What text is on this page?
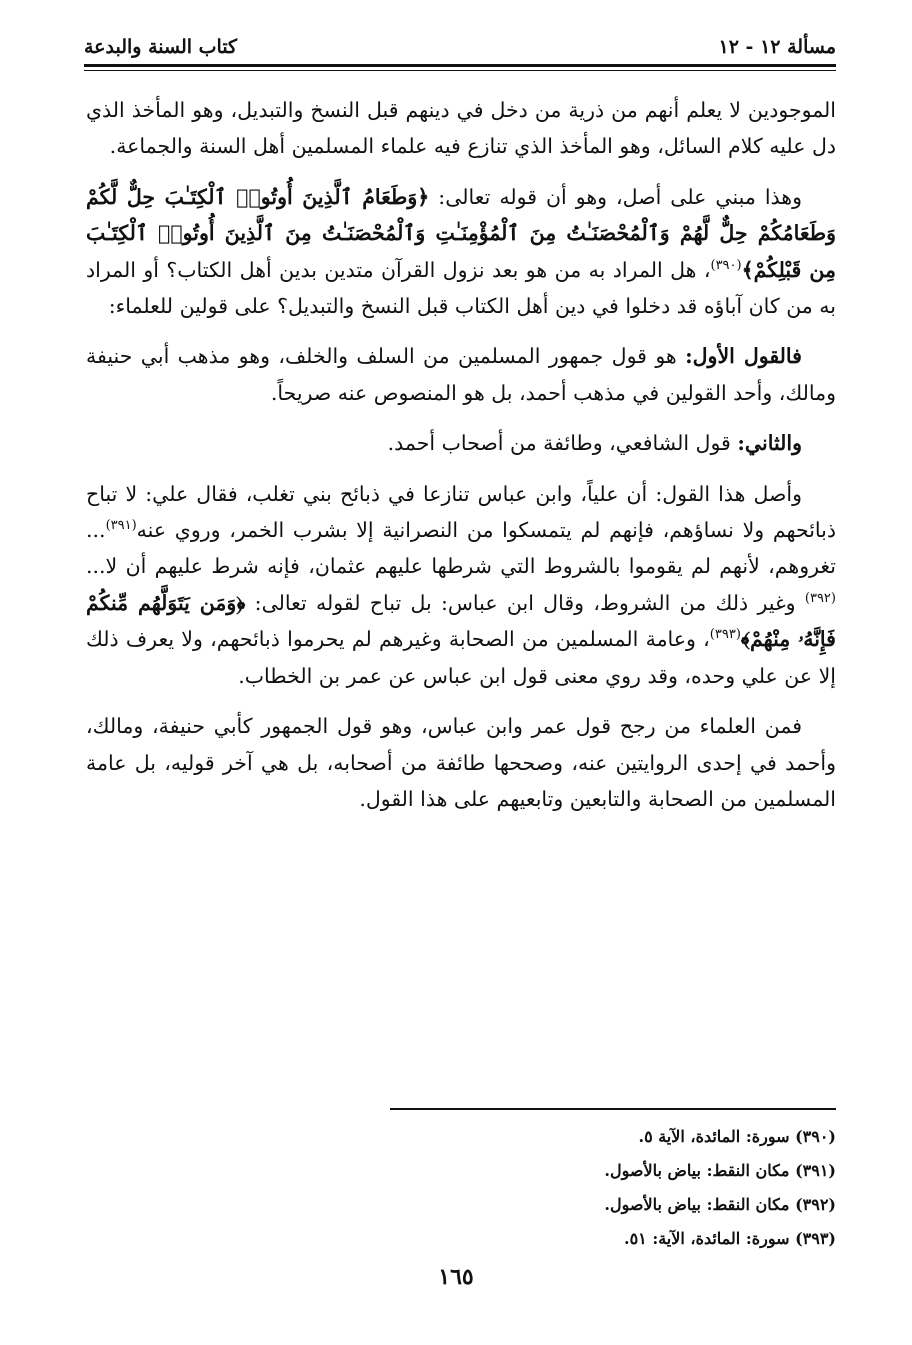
مسألة ١٢ - ١٢
كتاب السنة والبدعة

الموجودين لا يعلم أنهم من ذرية من دخل في دينهم قبل النسخ والتبديل، وهو المأخذ الذي دل عليه كلام السائل، وهو المأخذ الذي تنازع فيه علماء المسلمين أهل السنة والجماعة.

وهذا مبني على أصل، وهو أن قوله تعالى: ﴿وَطَعَامُ ٱلَّذِينَ أُوتُوا۟ ٱلْكِتَـٰبَ حِلٌّ لَّكُمْ وَطَعَامُكُمْ حِلٌّ لَّهُمْ وَٱلْمُحْصَنَـٰتُ مِنَ ٱلْمُؤْمِنَـٰتِ وَٱلْمُحْصَنَـٰتُ مِنَ ٱلَّذِينَ أُوتُوا۟ ٱلْكِتَـٰبَ مِن قَبْلِكُمْ﴾$^{(٣٩٠)}$، هل المراد به من هو بعد نزول القرآن متدين بدين أهل الكتاب؟ أو المراد به من كان آباؤه قد دخلوا في دين أهل الكتاب قبل النسخ والتبديل؟ على قولين للعلماء:

فالقول الأول: هو قول جمهور المسلمين من السلف والخلف، وهو مذهب أبي حنيفة ومالك، وأحد القولين في مذهب أحمد، بل هو المنصوص عنه صريحاً.

والثاني: قول الشافعي، وطائفة من أصحاب أحمد.

وأصل هذا القول: أن علياً، وابن عباس تنازعا في ذبائح بني تغلب، فقال علي: لا تباح ذبائحهم ولا نساؤهم، فإنهم لم يتمسكوا من النصرانية إلا بشرب الخمر، وروي عنه$^{(٣٩١)}$... تغروهم، لأنهم لم يقوموا بالشروط التي شرطها عليهم عثمان، فإنه شرط عليهم أن لا...$^{(٣٩٢)}$ وغير ذلك من الشروط، وقال ابن عباس: بل تباح لقوله تعالى: ﴿وَمَن يَتَوَلَّهُم مِّنكُمْ فَإِنَّهُۥ مِنْهُمْ﴾$^{(٣٩٣)}$، وعامة المسلمين من الصحابة وغيرهم لم يحرموا ذبائحهم، ولا يعرف ذلك إلا عن علي وحده، وقد روي معنى قول ابن عباس عن عمر بن الخطاب.

فمن العلماء من رجح قول عمر وابن عباس، وهو قول الجمهور كأبي حنيفة، ومالك، وأحمد في إحدى الروايتين عنه، وصححها طائفة من أصحابه، بل هي آخر قوليه، بل عامة المسلمين من الصحابة والتابعين وتابعيهم على هذا القول.

(٣٩٠) سورة: المائدة، الآية ٥.

(٣٩١) مكان النقط: بياض بالأصول.

(٣٩٢) مكان النقط: بياض بالأصول.

(٣٩٣) سورة: المائدة، الآية: ٥١.

١٦٥
